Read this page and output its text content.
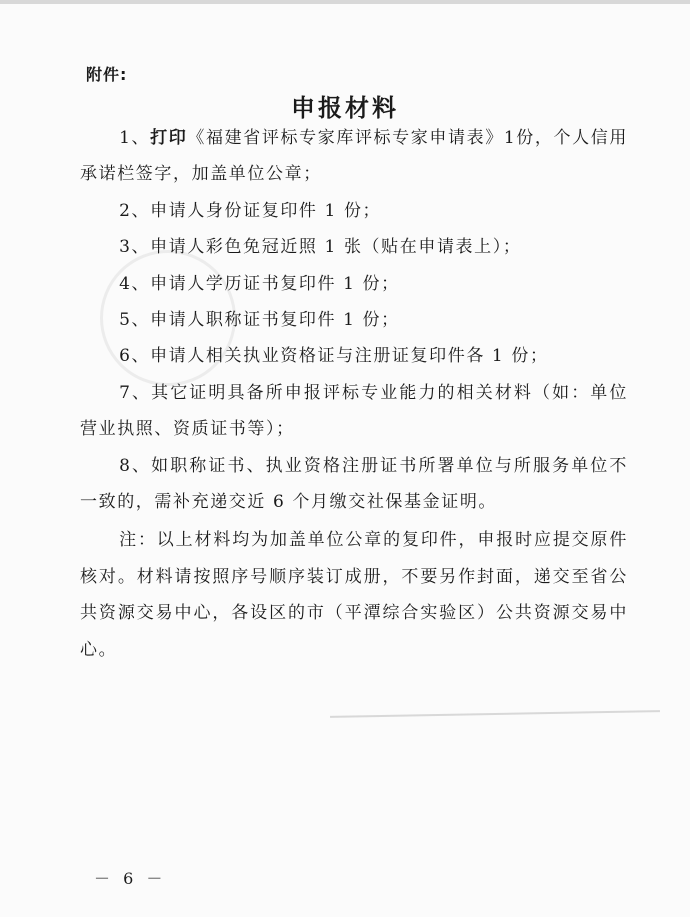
附件:
申报材料

1、打印《福建省评标专家库评标专家申请表》1份，个人信用承诺栏签字，加盖单位公章；

2、申请人身份证复印件 1 份；

3、申请人彩色免冠近照 1 张（贴在申请表上）；

4、申请人学历证书复印件 1 份；

5、申请人职称证书复印件 1 份；

6、申请人相关执业资格证与注册证复印件各 1 份；

7、其它证明具备所申报评标专业能力的相关材料（如：单位营业执照、资质证书等）；

8、如职称证书、执业资格注册证书所署单位与所服务单位不一致的，需补充递交近 6 个月缴交社保基金证明。

注：以上材料均为加盖单位公章的复印件，申报时应提交原件核对。材料请按照序号顺序装订成册，不要另作封面，递交至省公共资源交易中心，各设区的市（平潭综合实验区）公共资源交易中心。

－ 6 －
